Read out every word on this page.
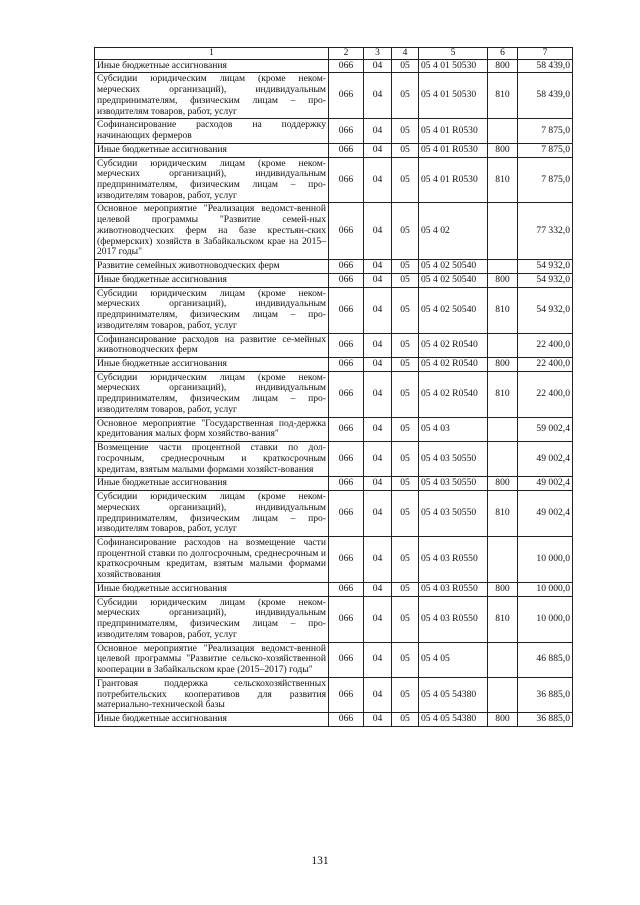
1	2	3	4	5	6	7
Иные бюджетные ассигнования	066	04	05	05 4 01 50530	800	58 439,0
Субсидии юридическим лицам (кроме неком-мерческих организаций), индивидуальным предпринимателям, физическим лицам – про-изводителям товаров, работ, услуг	066	04	05	05 4 01 50530	810	58 439,0
Софинансирование расходов на поддержку начинающих фермеров	066	04	05	05 4 01 R0530		7 875,0
Иные бюджетные ассигнования	066	04	05	05 4 01 R0530	800	7 875,0
Субсидии юридическим лицам (кроме неком-мерческих организаций), индивидуальным предпринимателям, физическим лицам – про-изводителям товаров, работ, услуг	066	04	05	05 4 01 R0530	810	7 875,0
Основное мероприятие "Реализация ведомст-венной целевой программы "Развитие семей-ных животноводческих ферм на базе крестьян-ских (фермерских) хозяйств в Забайкальском крае на 2015–2017 годы"	066	04	05	05 4 02		77 332,0
Развитие семейных животноводческих ферм	066	04	05	05 4 02 50540		54 932,0
Иные бюджетные ассигнования	066	04	05	05 4 02 50540	800	54 932,0
Субсидии юридическим лицам (кроме неком-мерческих организаций), индивидуальным предпринимателям, физическим лицам – про-изводителям товаров, работ, услуг	066	04	05	05 4 02 50540	810	54 932,0
Софинансирование расходов на развитие се-мейных животноводческих ферм	066	04	05	05 4 02 R0540		22 400,0
Иные бюджетные ассигнования	066	04	05	05 4 02 R0540	800	22 400,0
Субсидии юридическим лицам (кроме неком-мерческих организаций), индивидуальным предпринимателям, физическим лицам – про-изводителям товаров, работ, услуг	066	04	05	05 4 02 R0540	810	22 400,0
Основное мероприятие "Государственная под-держка кредитования малых форм хозяйство-вания"	066	04	05	05 4 03		59 002,4
Возмещение части процентной ставки по дол-госрочным, среднесрочным и краткосрочным кредитам, взятым малыми формами хозяйст-вования	066	04	05	05 4 03 50550		49 002,4
Иные бюджетные ассигнования	066	04	05	05 4 03 50550	800	49 002,4
Субсидии юридическим лицам (кроме неком-мерческих организаций), индивидуальным предпринимателям, физическим лицам – про-изводителям товаров, работ, услуг	066	04	05	05 4 03 50550	810	49 002,4
Софинансирование расходов на возмещение части процентной ставки по долгосрочным, среднесрочным и краткосрочным кредитам, взятым малыми формами хозяйствования	066	04	05	05 4 03 R0550		10 000,0
Иные бюджетные ассигнования	066	04	05	05 4 03 R0550	800	10 000,0
Субсидии юридическим лицам (кроме неком-мерческих организаций), индивидуальным предпринимателям, физическим лицам – про-изводителям товаров, работ, услуг	066	04	05	05 4 03 R0550	810	10 000,0
Основное мероприятие "Реализация ведомст-венной целевой программы "Развитие сельско-хозяйственной кооперации в Забайкальском крае (2015–2017) годы"	066	04	05	05 4 05		46 885,0
Грантовая поддержка сельскохозяйственных потребительских кооперативов для развития материально-технической базы	066	04	05	05 4 05 54380		36 885,0
Иные бюджетные ассигнования	066	04	05	05 4 05 54380	800	36 885,0
131
